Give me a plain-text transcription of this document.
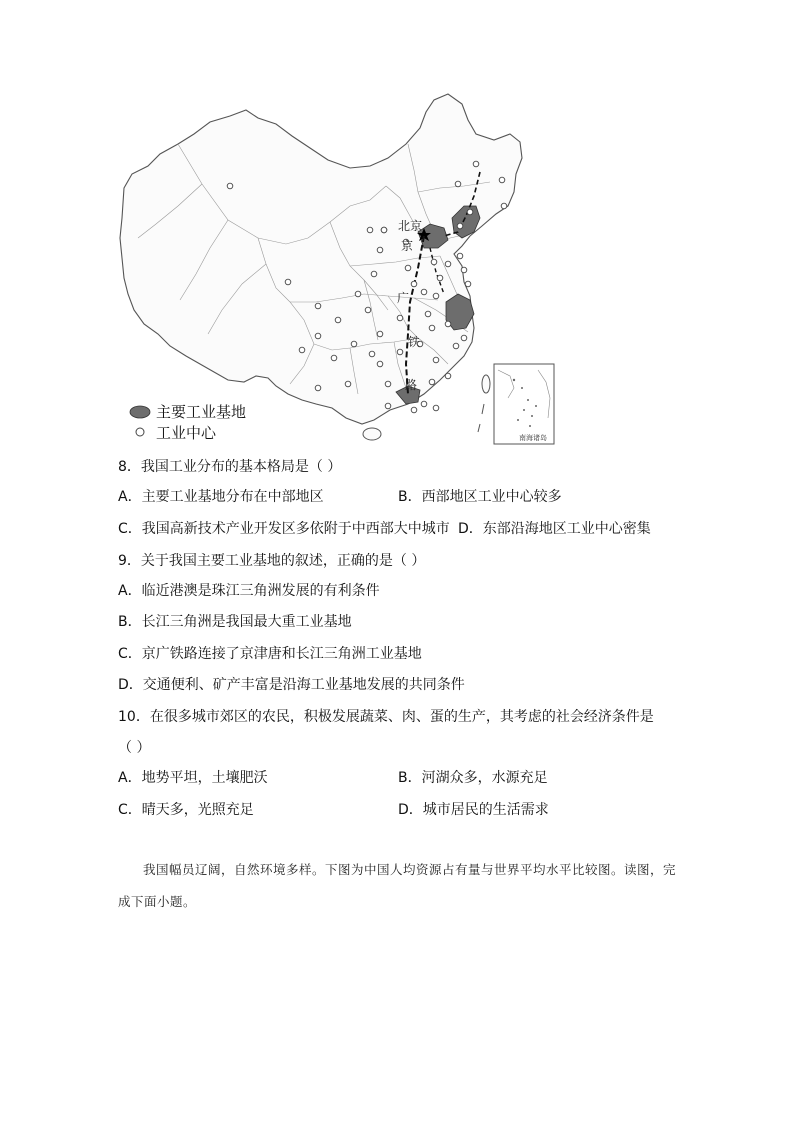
北京
京
广
铁
路
南海诸岛
主要工业基地
工业中心
8．我国工业分布的基本格局是（ ）
A．主要工业基地分布在中部地区	B．西部地区工业中心较多
C．我国高新技术产业开发区多依附于中西部大中城市 D．东部沿海地区工业中心密集
9．关于我国主要工业基地的叙述，正确的是（ ）
A．临近港澳是珠江三角洲发展的有利条件
B．长江三角洲是我国最大重工业基地
C．京广铁路连接了京津唐和长江三角洲工业基地
D．交通便利、矿产丰富是沿海工业基地发展的共同条件
10．在很多城市郊区的农民，积极发展蔬菜、肉、蛋的生产，其考虑的社会经济条件是
（ ）
A．地势平坦，土壤肥沃	B．河湖众多，水源充足
C．晴天多，光照充足	D．城市居民的生活需求
我国幅员辽阔，自然环境多样。下图为中国人均资源占有量与世界平均水平比较图。读图，完成下面小题。
